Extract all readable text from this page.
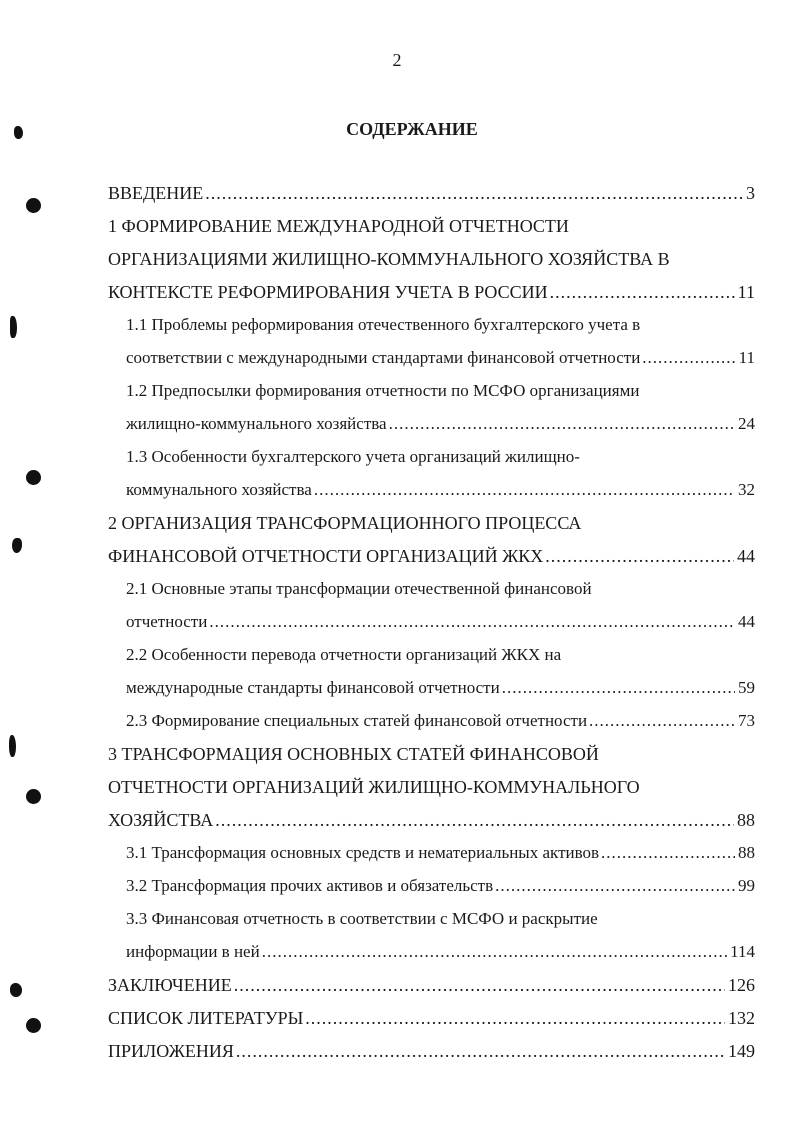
2
СОДЕРЖАНИЕ
ВВЕДЕНИЕ .....	3
1 ФОРМИРОВАНИЕ МЕЖДУНАРОДНОЙ ОТЧЕТНОСТИ
ОРГАНИЗАЦИЯМИ ЖИЛИЩНО-КОММУНАЛЬНОГО ХОЗЯЙСТВА В
КОНТЕКСТЕ РЕФОРМИРОВАНИЯ УЧЕТА В РОССИИ .....	11
1.1 Проблемы реформирования отечественного бухгалтерского учета в
соответствии с международными стандартами финансовой отчетности .....	11
1.2 Предпосылки формирования отчетности по МСФО организациями
жилищно-коммунального хозяйства .....	24
1.3 Особенности бухгалтерского учета организаций жилищно-
коммунального хозяйства .....	32
2 ОРГАНИЗАЦИЯ ТРАНСФОРМАЦИОННОГО ПРОЦЕССА
ФИНАНСОВОЙ ОТЧЕТНОСТИ ОРГАНИЗАЦИЙ ЖКХ .....	44
2.1 Основные этапы трансформации отечественной финансовой
отчетности .....	44
2.2 Особенности перевода отчетности организаций ЖКХ на
международные стандарты финансовой отчетности .....	59
2.3 Формирование специальных статей финансовой отчетности .....	73
3 ТРАНСФОРМАЦИЯ ОСНОВНЫХ СТАТЕЙ ФИНАНСОВОЙ
ОТЧЕТНОСТИ ОРГАНИЗАЦИЙ ЖИЛИЩНО-КОММУНАЛЬНОГО
ХОЗЯЙСТВА .....	88
3.1 Трансформация основных средств и нематериальных активов .....	88
3.2 Трансформация прочих активов и обязательств .....	99
3.3 Финансовая отчетность в соответствии с МСФО и раскрытие
информации в ней .....	114
ЗАКЛЮЧЕНИЕ .....	126
СПИСОК ЛИТЕРАТУРЫ .....	132
ПРИЛОЖЕНИЯ .....	149
